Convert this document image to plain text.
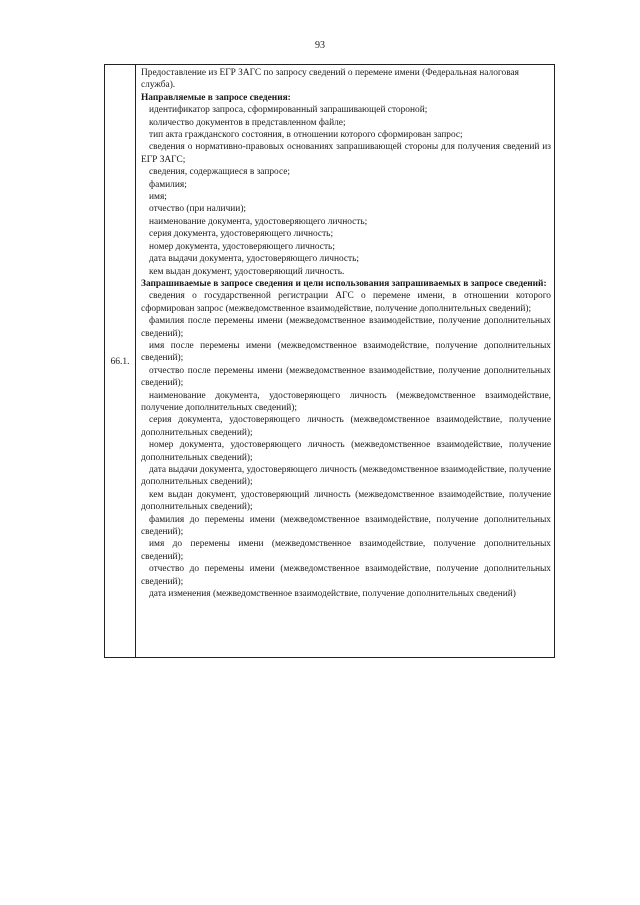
93
66.1.

Предоставление из ЕГР ЗАГС по запросу сведений о перемене имени (Федеральная налоговая служба).

Направляемые в запросе сведения:

идентификатор запроса, сформированный запрашивающей стороной;

количество документов в представленном файле;

тип акта гражданского состояния, в отношении которого сформирован запрос;

сведения о нормативно-правовых основаниях запрашивающей стороны для получения сведений из ЕГР ЗАГС;

сведения, содержащиеся в запросе;

фамилия;

имя;

отчество (при наличии);

наименование документа, удостоверяющего личность;

серия документа, удостоверяющего личность;

номер документа, удостоверяющего личность;

дата выдачи документа, удостоверяющего личность;

кем выдан документ, удостоверяющий личность.

Запрашиваемые в запросе сведения и цели использования запрашиваемых в запросе сведений:

сведения о государственной регистрации АГС о перемене имени, в отношении которого сформирован запрос (межведомственное взаимодействие, получение дополнительных сведений);

фамилия после перемены имени (межведомственное взаимодействие, получение дополнительных сведений);

имя после перемены имени (межведомственное взаимодействие, получение дополнительных сведений);

отчество после перемены имени (межведомственное взаимодействие, получение дополнительных сведений);

наименование документа, удостоверяющего личность (межведомственное взаимодействие, получение дополнительных сведений);

серия документа, удостоверяющего личность (межведомственное взаимодействие, получение дополнительных сведений);

номер документа, удостоверяющего личность (межведомственное взаимодействие, получение дополнительных сведений);

дата выдачи документа, удостоверяющего личность (межведомственное взаимодействие, получение дополнительных сведений);

кем выдан документ, удостоверяющий личность (межведомственное взаимодействие, получение дополнительных сведений);

фамилия до перемены имени (межведомственное взаимодействие, получение дополнительных сведений);

имя до перемены имени (межведомственное взаимодействие, получение дополнительных сведений);

отчество до перемены имени (межведомственное взаимодействие, получение дополнительных сведений);

дата изменения (межведомственное взаимодействие, получение дополнительных сведений)
